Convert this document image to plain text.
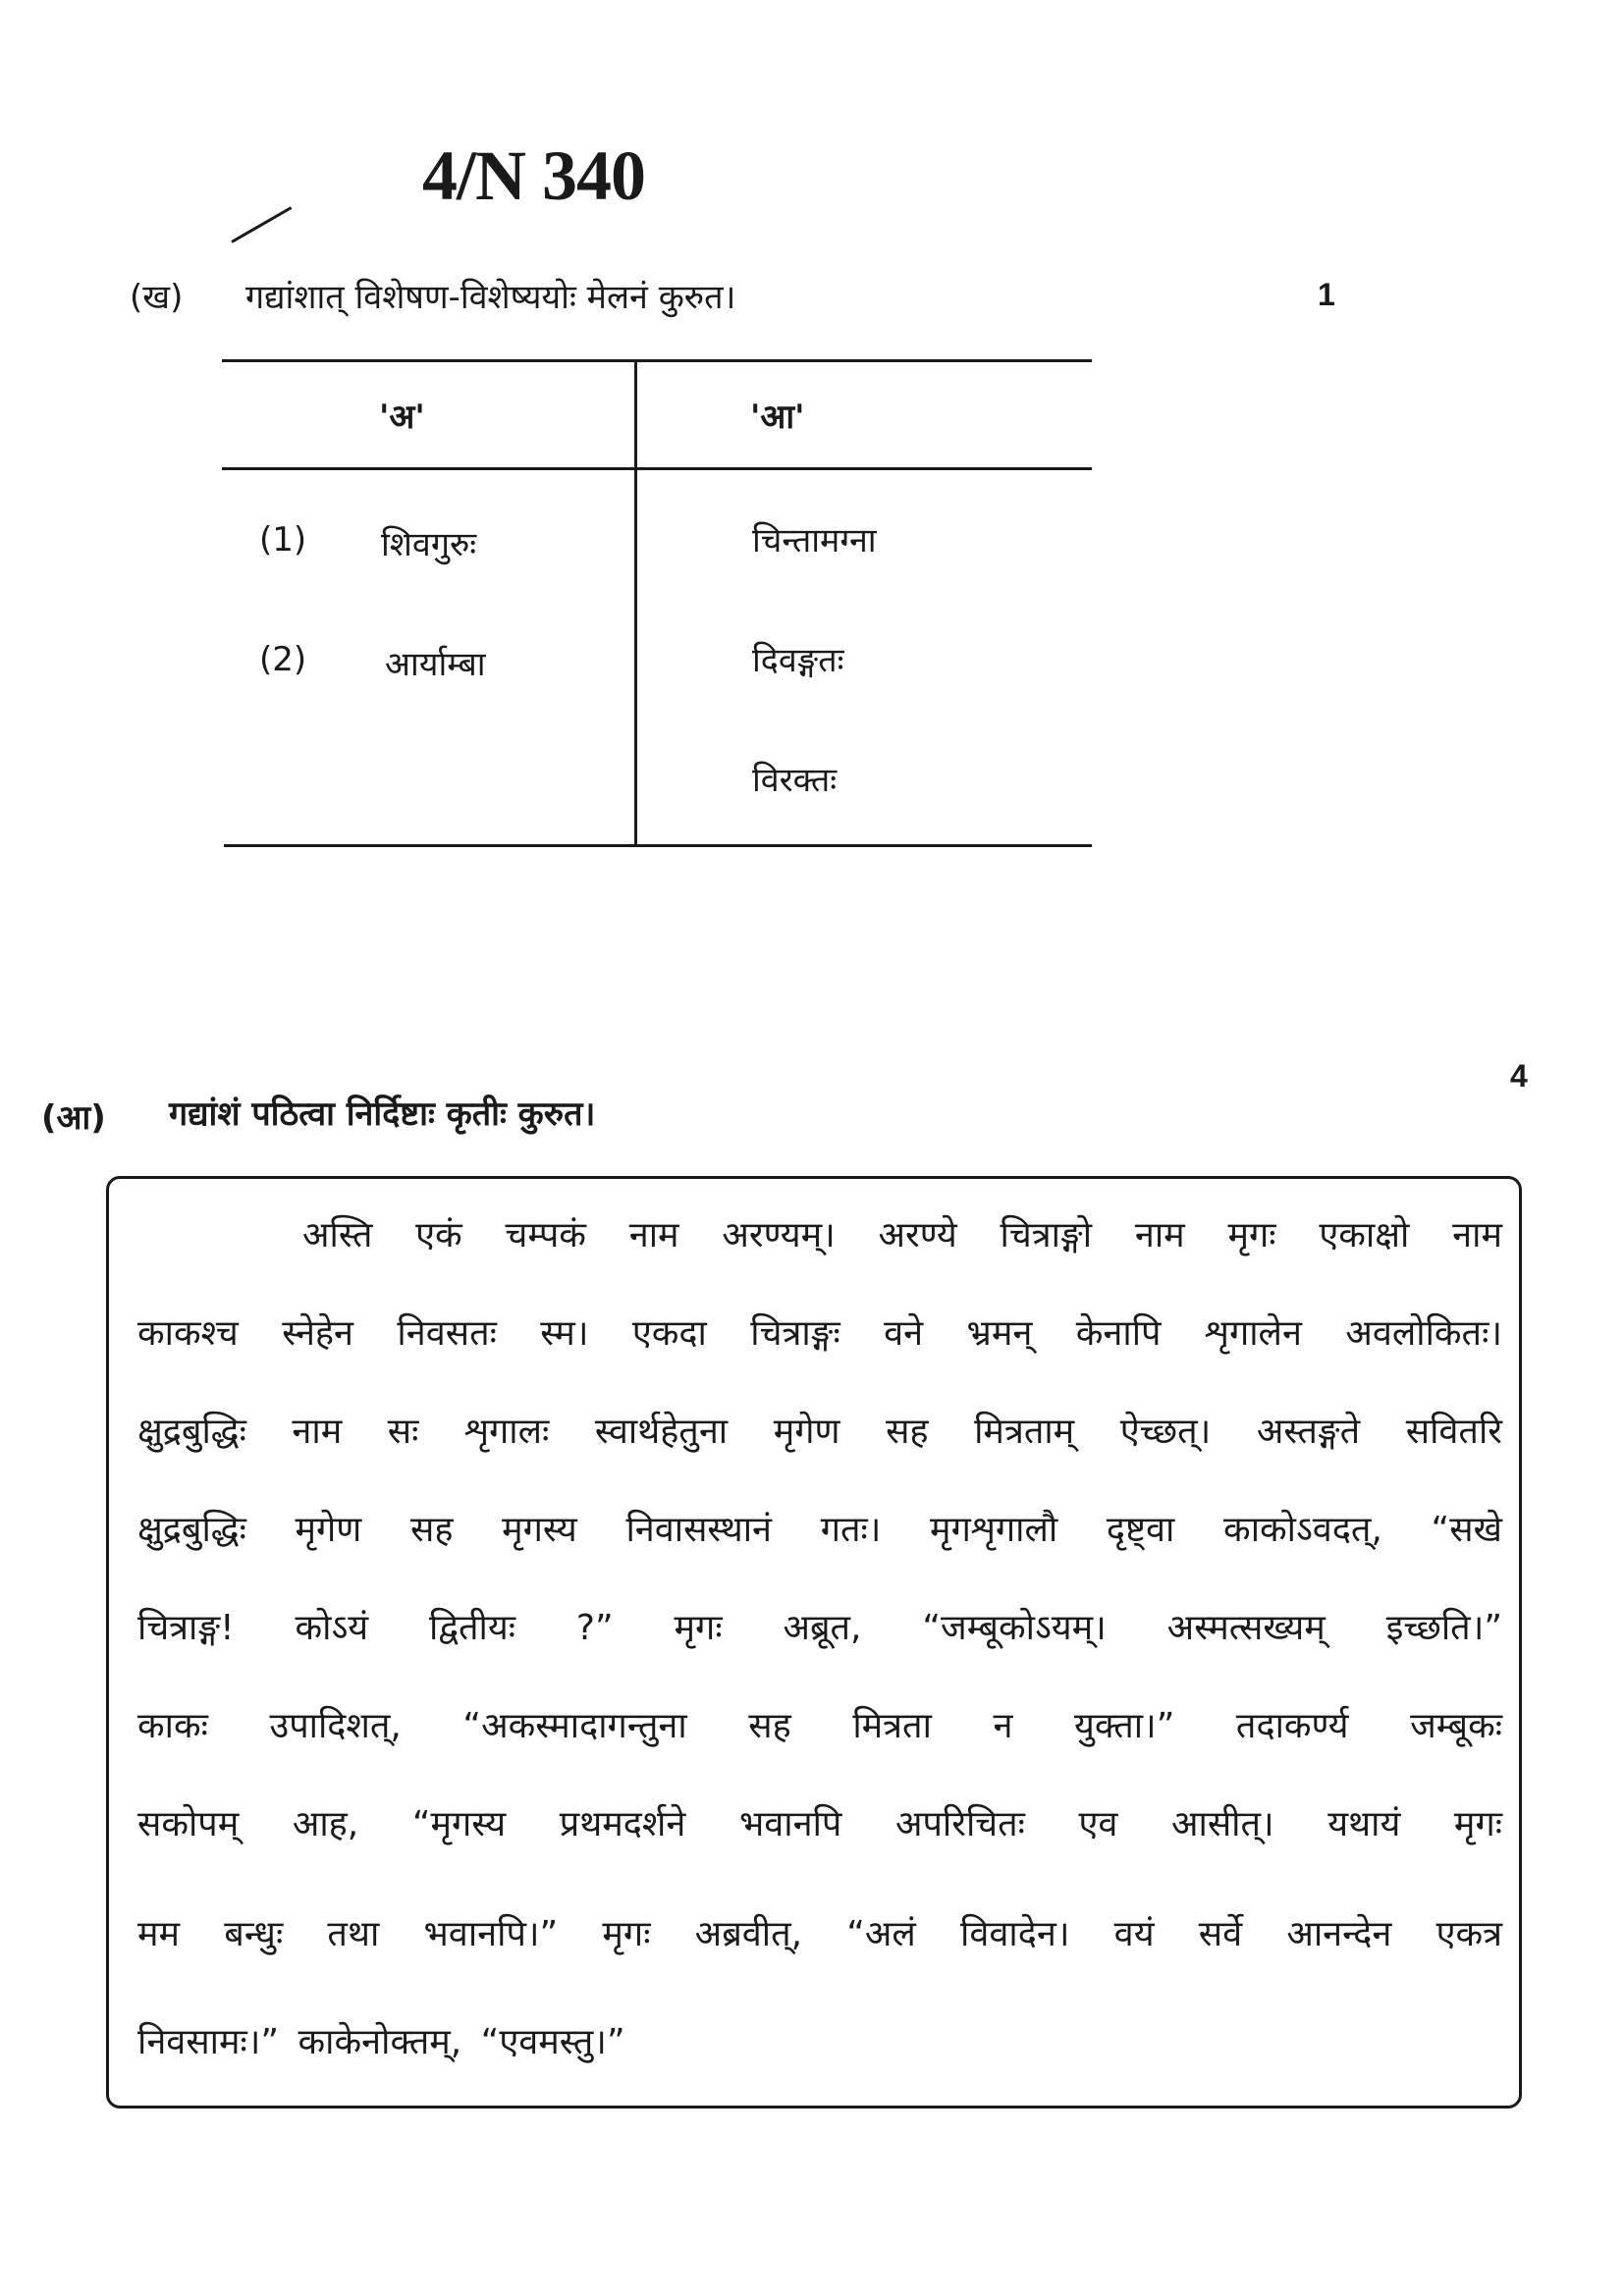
4/N 340
(ख) गद्यांशात् विशेषण-विशेष्ययोः मेलनं कुरुत।	1
'अ'	'आ'
(1) शिवगुरुः
(2) आर्याम्बा
चिन्तामग्ना
दिवङ्गतः
विरक्तः
(आ) गद्यांशं पठित्वा निर्दिष्टाः कृतीः कुरुत।
4
अस्ति एकं चम्पकं नाम अरण्यम्। अरण्ये चित्राङ्गो नाम मृगः एकाक्षो नाम
काकश्च स्नेहेन निवसतः स्म। एकदा चित्राङ्गः वने भ्रमन् केनापि शृगालेन अवलोकितः।
क्षुद्रबुद्धिः नाम सः शृगालः स्वार्थहेतुना मृगेण सह मित्रताम् ऐच्छत्। अस्तङ्गते सवितरि
क्षुद्रबुद्धिः मृगेण सह मृगस्य निवासस्थानं गतः। मृगशृगालौ दृष्ट्वा काकोऽवदत्, “सखे
चित्राङ्ग! कोऽयं द्वितीयः ?” मृगः अब्रूत, “जम्बूकोऽयम्। अस्मत्सख्यम् इच्छति।”
काकः उपादिशत्, “अकस्मादागन्तुना सह मित्रता न युक्ता।” तदाकर्ण्य जम्बूकः
सकोपम् आह, “मृगस्य प्रथमदर्शने भवानपि अपरिचितः एव आसीत्। यथायं मृगः
मम बन्धुः तथा भवानपि।” मृगः अब्रवीत्, “अलं विवादेन। वयं सर्वे आनन्देन एकत्र
निवसामः।” काकेनोक्तम्, “एवमस्तु।”
